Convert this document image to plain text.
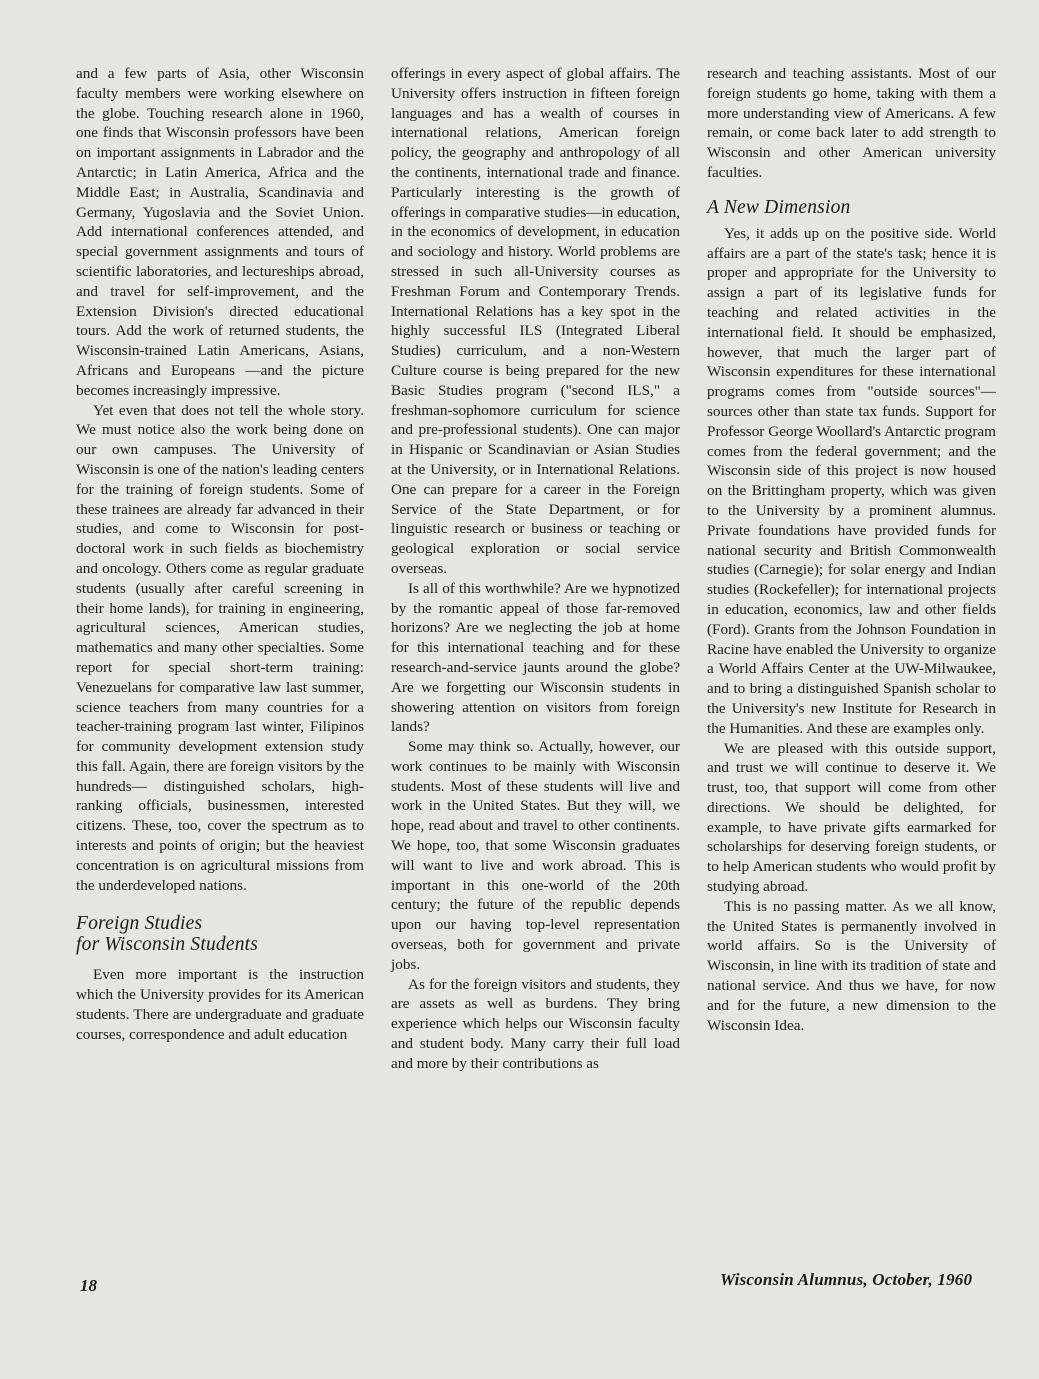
and a few parts of Asia, other Wisconsin faculty members were working elsewhere on the globe. Touching research alone in 1960, one finds that Wisconsin professors have been on important assignments in Labrador and the Antarctic; in Latin America, Africa and the Middle East; in Australia, Scandinavia and Germany, Yugoslavia and the Soviet Union. Add international conferences attended, and special government assignments and tours of scientific laboratories, and lectureships abroad, and travel for self-improvement, and the Extension Division's directed educational tours. Add the work of returned students, the Wisconsin-trained Latin Americans, Asians, Africans and Europeans —and the picture becomes increasingly impressive.

Yet even that does not tell the whole story. We must notice also the work being done on our own campuses. The University of Wisconsin is one of the nation's leading centers for the training of foreign students. Some of these trainees are already far advanced in their studies, and come to Wisconsin for post-doctoral work in such fields as biochemistry and oncology. Others come as regular graduate students (usually after careful screening in their home lands), for training in engineering, agricultural sciences, American studies, mathematics and many other specialties. Some report for special short-term training: Venezuelans for comparative law last summer, science teachers from many countries for a teacher-training program last winter, Filipinos for community development extension study this fall. Again, there are foreign visitors by the hundreds— distinguished scholars, high-ranking officials, businessmen, interested citizens. These, too, cover the spectrum as to interests and points of origin; but the heaviest concentration is on agricultural missions from the underdeveloped nations.

Foreign Studies
for Wisconsin Students

Even more important is the instruction which the University provides for its American students. There are undergraduate and graduate courses, correspondence and adult education

offerings in every aspect of global affairs. The University offers instruction in fifteen foreign languages and has a wealth of courses in international relations, American foreign policy, the geography and anthropology of all the continents, international trade and finance. Particularly interesting is the growth of offerings in comparative studies—in education, in the economics of development, in education and sociology and history. World problems are stressed in such all-University courses as Freshman Forum and Contemporary Trends. International Relations has a key spot in the highly successful ILS (Integrated Liberal Studies) curriculum, and a non-Western Culture course is being prepared for the new Basic Studies program ("second ILS," a freshman-sophomore curriculum for science and pre-professional students). One can major in Hispanic or Scandinavian or Asian Studies at the University, or in International Relations. One can prepare for a career in the Foreign Service of the State Department, or for linguistic research or business or teaching or geological exploration or social service overseas.

Is all of this worthwhile? Are we hypnotized by the romantic appeal of those far-removed horizons? Are we neglecting the job at home for this international teaching and for these research-and-service jaunts around the globe? Are we forgetting our Wisconsin students in showering attention on visitors from foreign lands?

Some may think so. Actually, however, our work continues to be mainly with Wisconsin students. Most of these students will live and work in the United States. But they will, we hope, read about and travel to other continents. We hope, too, that some Wisconsin graduates will want to live and work abroad. This is important in this one-world of the 20th century; the future of the republic depends upon our having top-level representation overseas, both for government and private jobs.

As for the foreign visitors and students, they are assets as well as burdens. They bring experience which helps our Wisconsin faculty and student body. Many carry their full load and more by their contributions as

research and teaching assistants. Most of our foreign students go home, taking with them a more understanding view of Americans. A few remain, or come back later to add strength to Wisconsin and other American university faculties.

A New Dimension

Yes, it adds up on the positive side. World affairs are a part of the state's task; hence it is proper and appropriate for the University to assign a part of its legislative funds for teaching and related activities in the international field. It should be emphasized, however, that much the larger part of Wisconsin expenditures for these international programs comes from "outside sources"—sources other than state tax funds. Support for Professor George Woollard's Antarctic program comes from the federal government; and the Wisconsin side of this project is now housed on the Brittingham property, which was given to the University by a prominent alumnus. Private foundations have provided funds for national security and British Commonwealth studies (Carnegie); for solar energy and Indian studies (Rockefeller); for international projects in education, economics, law and other fields (Ford). Grants from the Johnson Foundation in Racine have enabled the University to organize a World Affairs Center at the UW-Milwaukee, and to bring a distinguished Spanish scholar to the University's new Institute for Research in the Humanities. And these are examples only.

We are pleased with this outside support, and trust we will continue to deserve it. We trust, too, that support will come from other directions. We should be delighted, for example, to have private gifts earmarked for scholarships for deserving foreign students, or to help American students who would profit by studying abroad.

This is no passing matter. As we all know, the United States is permanently involved in world affairs. So is the University of Wisconsin, in line with its tradition of state and national service. And thus we have, for now and for the future, a new dimension to the Wisconsin Idea.

18	Wisconsin Alumnus, October, 1960
